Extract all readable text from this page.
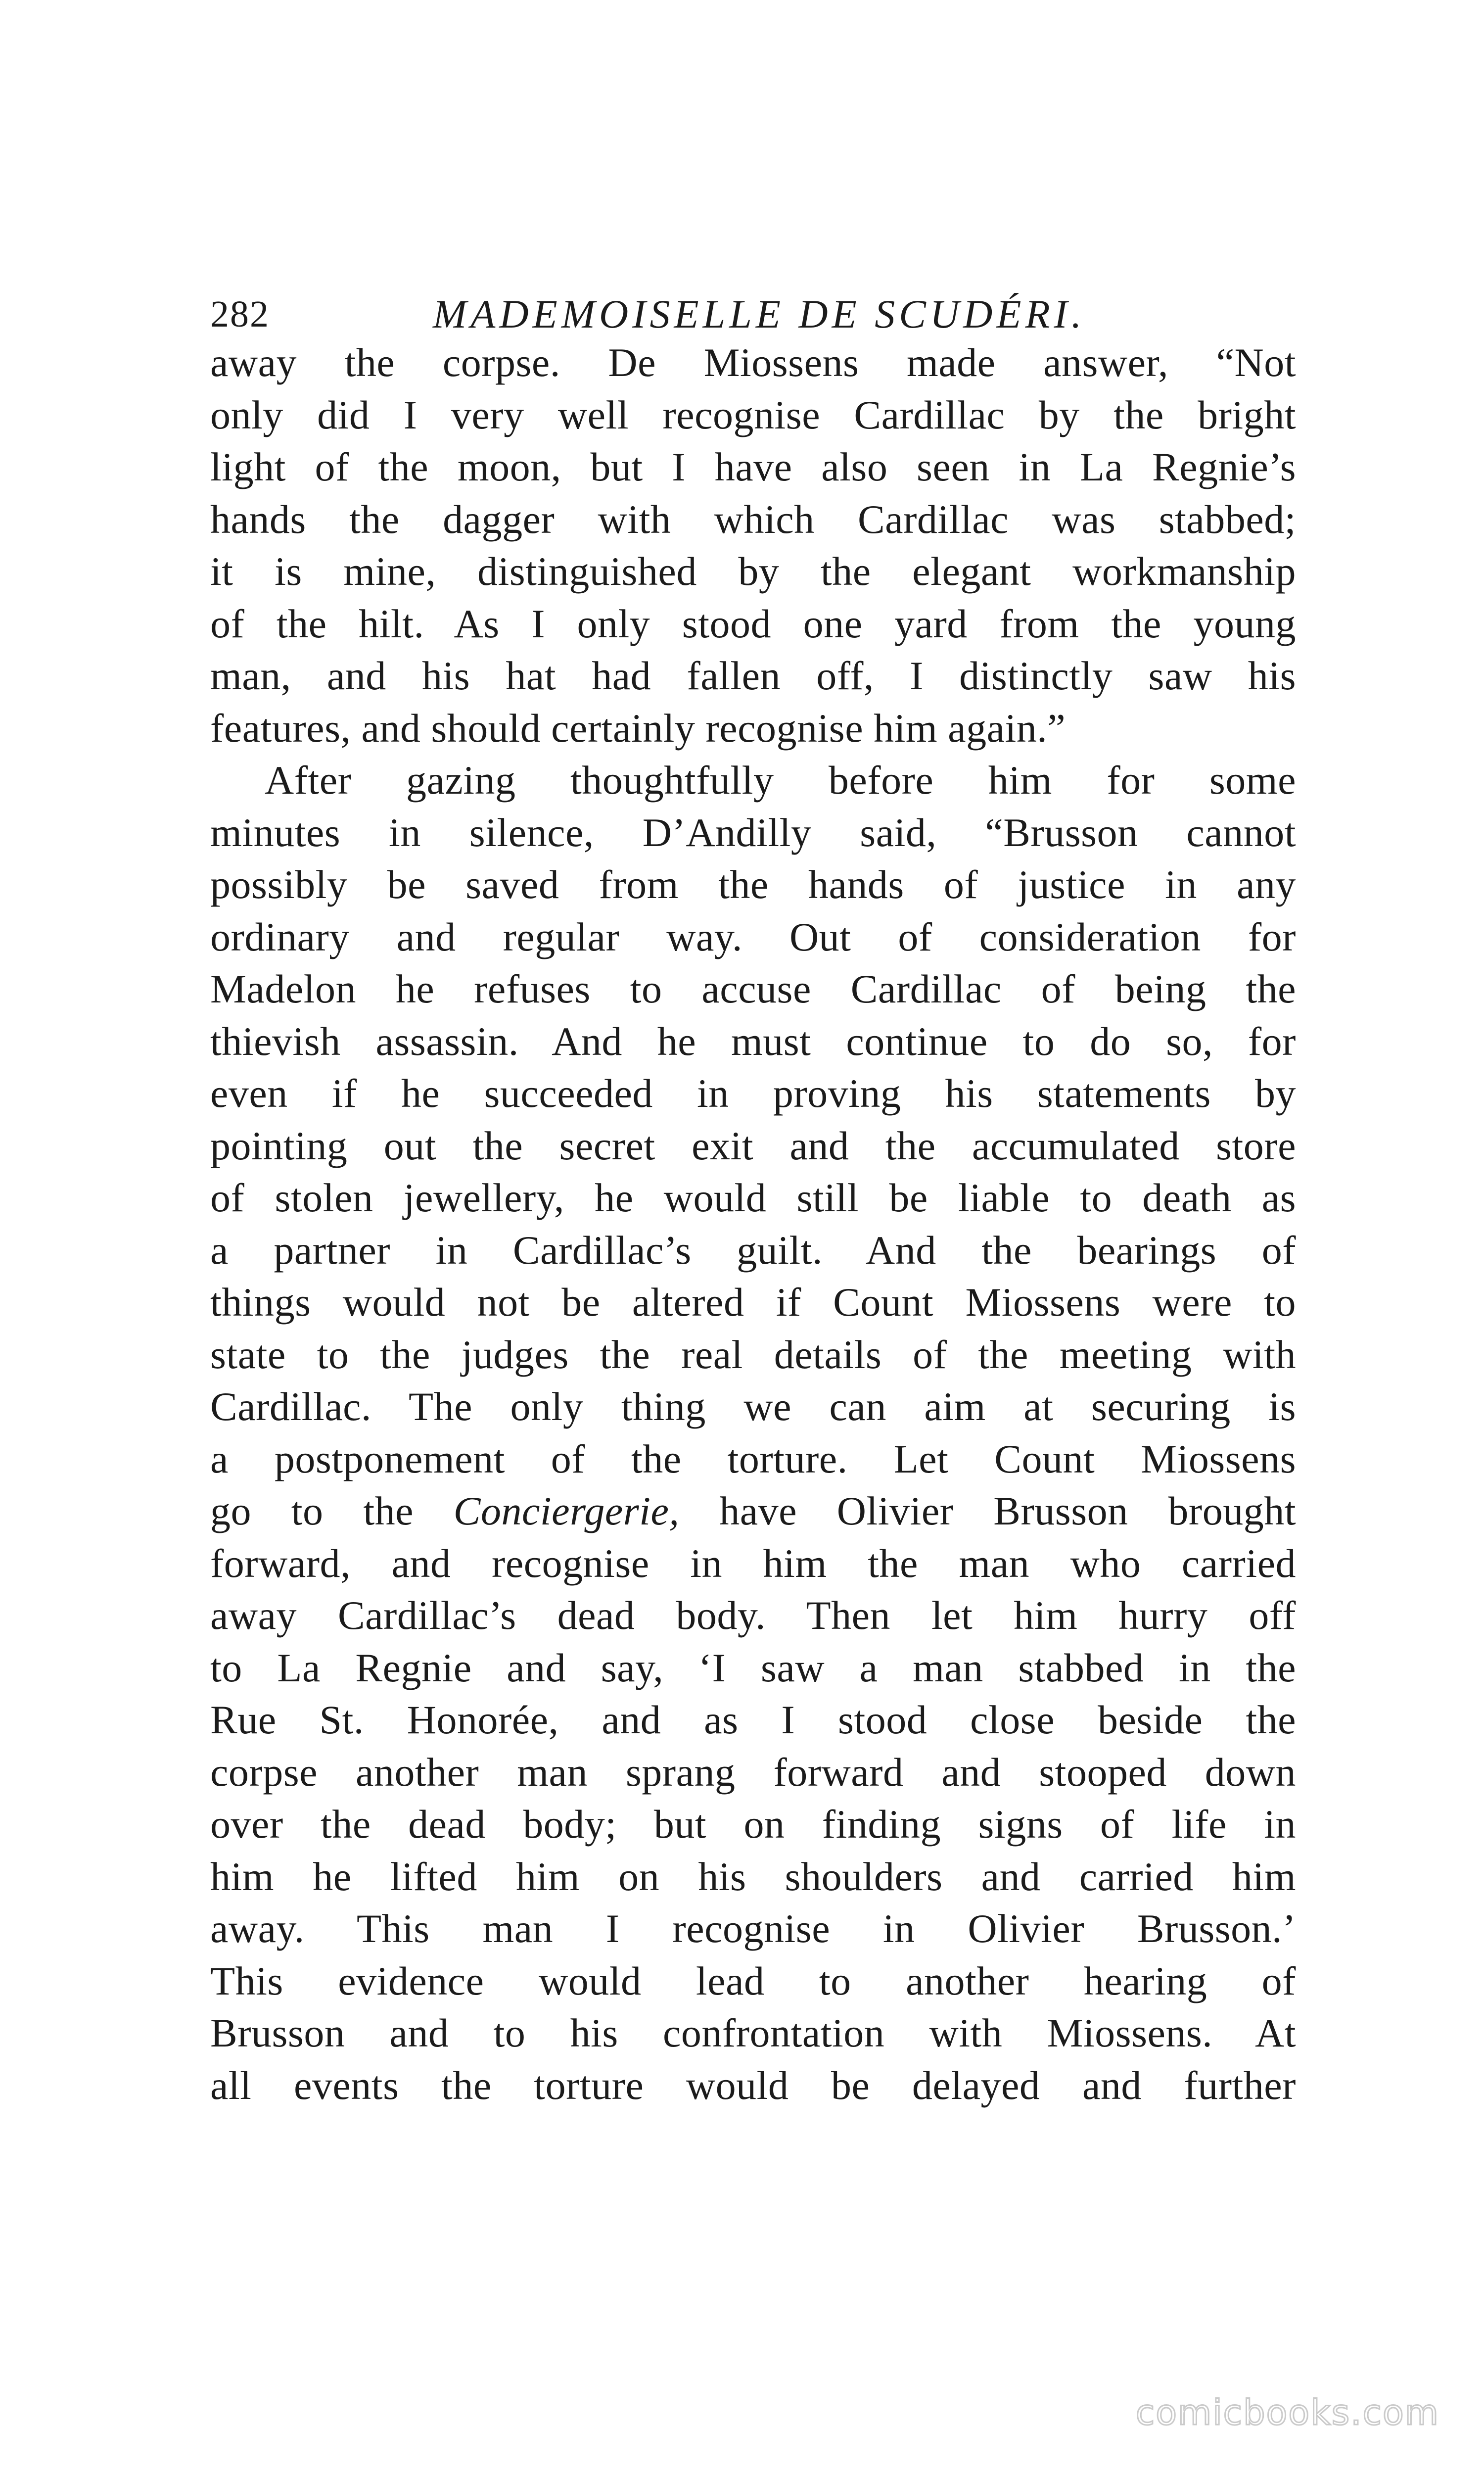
282	MADEMOISELLE DE SCUDÉRI.
away the corpse. De Miossens made answer, “Not
only did I very well recognise Cardillac by the bright
light of the moon, but I have also seen in La Regnie’s
hands the dagger with which Cardillac was stabbed;
it is mine, distinguished by the elegant workmanship
of the hilt. As I only stood one yard from the young
man, and his hat had fallen off, I distinctly saw his
features, and should certainly recognise him again.”
After gazing thoughtfully before him for some
minutes in silence, D’Andilly said, “Brusson cannot
possibly be saved from the hands of justice in any
ordinary and regular way. Out of consideration for
Madelon he refuses to accuse Cardillac of being the
thievish assassin. And he must continue to do so, for
even if he succeeded in proving his statements by
pointing out the secret exit and the accumulated store
of stolen jewellery, he would still be liable to death as
a partner in Cardillac’s guilt. And the bearings of
things would not be altered if Count Miossens were to
state to the judges the real details of the meeting with
Cardillac. The only thing we can aim at securing is
a postponement of the torture. Let Count Miossens
go to the Conciergerie, have Olivier Brusson brought
forward, and recognise in him the man who carried
away Cardillac’s dead body. Then let him hurry off
to La Regnie and say, ‘I saw a man stabbed in the
Rue St. Honorée, and as I stood close beside the
corpse another man sprang forward and stooped down
over the dead body; but on finding signs of life in
him he lifted him on his shoulders and carried him
away. This man I recognise in Olivier Brusson.’
This evidence would lead to another hearing of
Brusson and to his confrontation with Miossens. At
all events the torture would be delayed and further
comicbooks.com
